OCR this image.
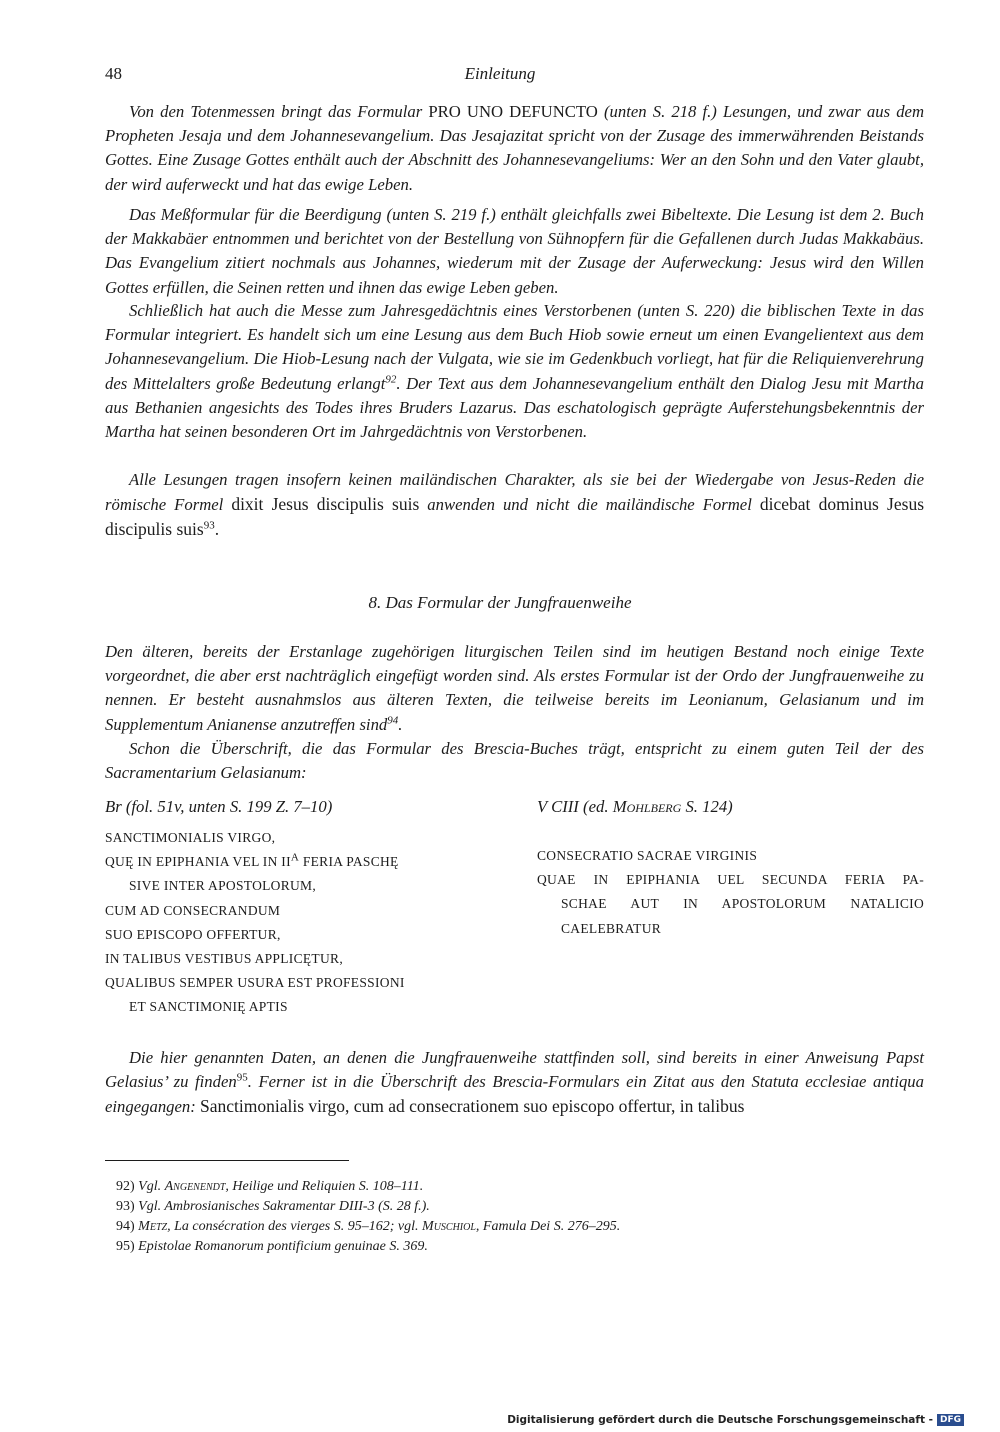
48	Einleitung

Von den Totenmessen bringt das Formular PRO UNO DEFUNCTO (unten S. 218 f.) Lesungen, und zwar aus dem Propheten Jesaja und dem Johannesevangelium. Das Jesajazitat spricht von der Zusage des immerwährenden Beistands Gottes. Eine Zusage Gottes enthält auch der Abschnitt des Johannesevangeliums: Wer an den Sohn und den Vater glaubt, der wird auferweckt und hat das ewige Leben.

Das Meßformular für die Beerdigung (unten S. 219 f.) enthält gleichfalls zwei Bibeltexte. Die Lesung ist dem 2. Buch der Makkabäer entnommen und berichtet von der Bestellung von Sühnopfern für die Gefallenen durch Judas Makkabäus. Das Evangelium zitiert nochmals aus Johannes, wiederum mit der Zusage der Auferweckung: Jesus wird den Willen Gottes erfüllen, die Seinen retten und ihnen das ewige Leben geben.

Schließlich hat auch die Messe zum Jahresgedächtnis eines Verstorbenen (unten S. 220) die biblischen Texte in das Formular integriert. Es handelt sich um eine Lesung aus dem Buch Hiob sowie erneut um einen Evangelientext aus dem Johannesevangelium. Die Hiob-Lesung nach der Vulgata, wie sie im Gedenkbuch vorliegt, hat für die Reliquienverehrung des Mittelalters große Bedeutung erlangt$^{92}$. Der Text aus dem Johannesevangelium enthält den Dialog Jesu mit Martha aus Bethanien angesichts des Todes ihres Bruders Lazarus. Das eschatologisch geprägte Auferstehungsbekenntnis der Martha hat seinen besonderen Ort im Jahrgedächtnis von Verstorbenen.

Alle Lesungen tragen insofern keinen mailändischen Charakter, als sie bei der Wiedergabe von Jesus-Reden die römische Formel dixit Jesus discipulis suis anwenden und nicht die mailändische Formel dicebat dominus Jesus discipulis suis$^{93}$.

8. Das Formular der Jungfrauenweihe

Den älteren, bereits der Erstanlage zugehörigen liturgischen Teilen sind im heutigen Bestand noch einige Texte vorgeordnet, die aber erst nachträglich eingefügt worden sind. Als erstes Formular ist der Ordo der Jungfrauenweihe zu nennen. Er besteht ausnahmslos aus älteren Texten, die teilweise bereits im Leonianum, Gelasianum und im Supplementum Anianense anzutreffen sind$^{94}$.

Schon die Überschrift, die das Formular des Brescia-Buches trägt, entspricht zu einem guten Teil der des Sacramentarium Gelasianum:

Br (fol. 51v, unten S. 199 Z. 7–10)
SANCTIMONIALIS VIRGO,
QUĘ IN EPIPHANIA VEL IN $II^A$ FERIA PASCHĘ
SIVE INTER APOSTOLORUM,
CUM AD CONSECRANDUM
SUO EPISCOPO OFFERTUR,
IN TALIBUS VESTIBUS APPLICĘTUR,
QUALIBUS SEMPER USURA EST PROFESSIONI
ET SANCTIMONIĘ APTIS
V CIII (ed. Mohlberg S. 124)
CONSECRATIO SACRAE VIRGINIS
QUAE IN EPIPHANIA UEL SECUNDA FERIA PA-
SCHAE AUT IN APOSTOLORUM NATALICIO
CAELEBRATUR

Die hier genannten Daten, an denen die Jungfrauenweihe stattfinden soll, sind bereits in einer Anweisung Papst Gelasius’ zu finden$^{95}$. Ferner ist in die Überschrift des Brescia-Formulars ein Zitat aus den Statuta ecclesiae antiqua eingegangen: Sanctimonialis virgo, cum ad consecrationem suo episcopo offertur, in talibus

92) Vgl. Angenendt, Heilige und Reliquien S. 108–111.
93) Vgl. Ambrosianisches Sakramentar DIII-3 (S. 28 f.).
94) Metz, La consécration des vierges S. 95–162; vgl. Muschiol, Famula Dei S. 276–295.
95) Epistolae Romanorum pontificium genuinae S. 369.
Digitalisierung gefördert durch die Deutsche Forschungsgemeinschaft - DFG
